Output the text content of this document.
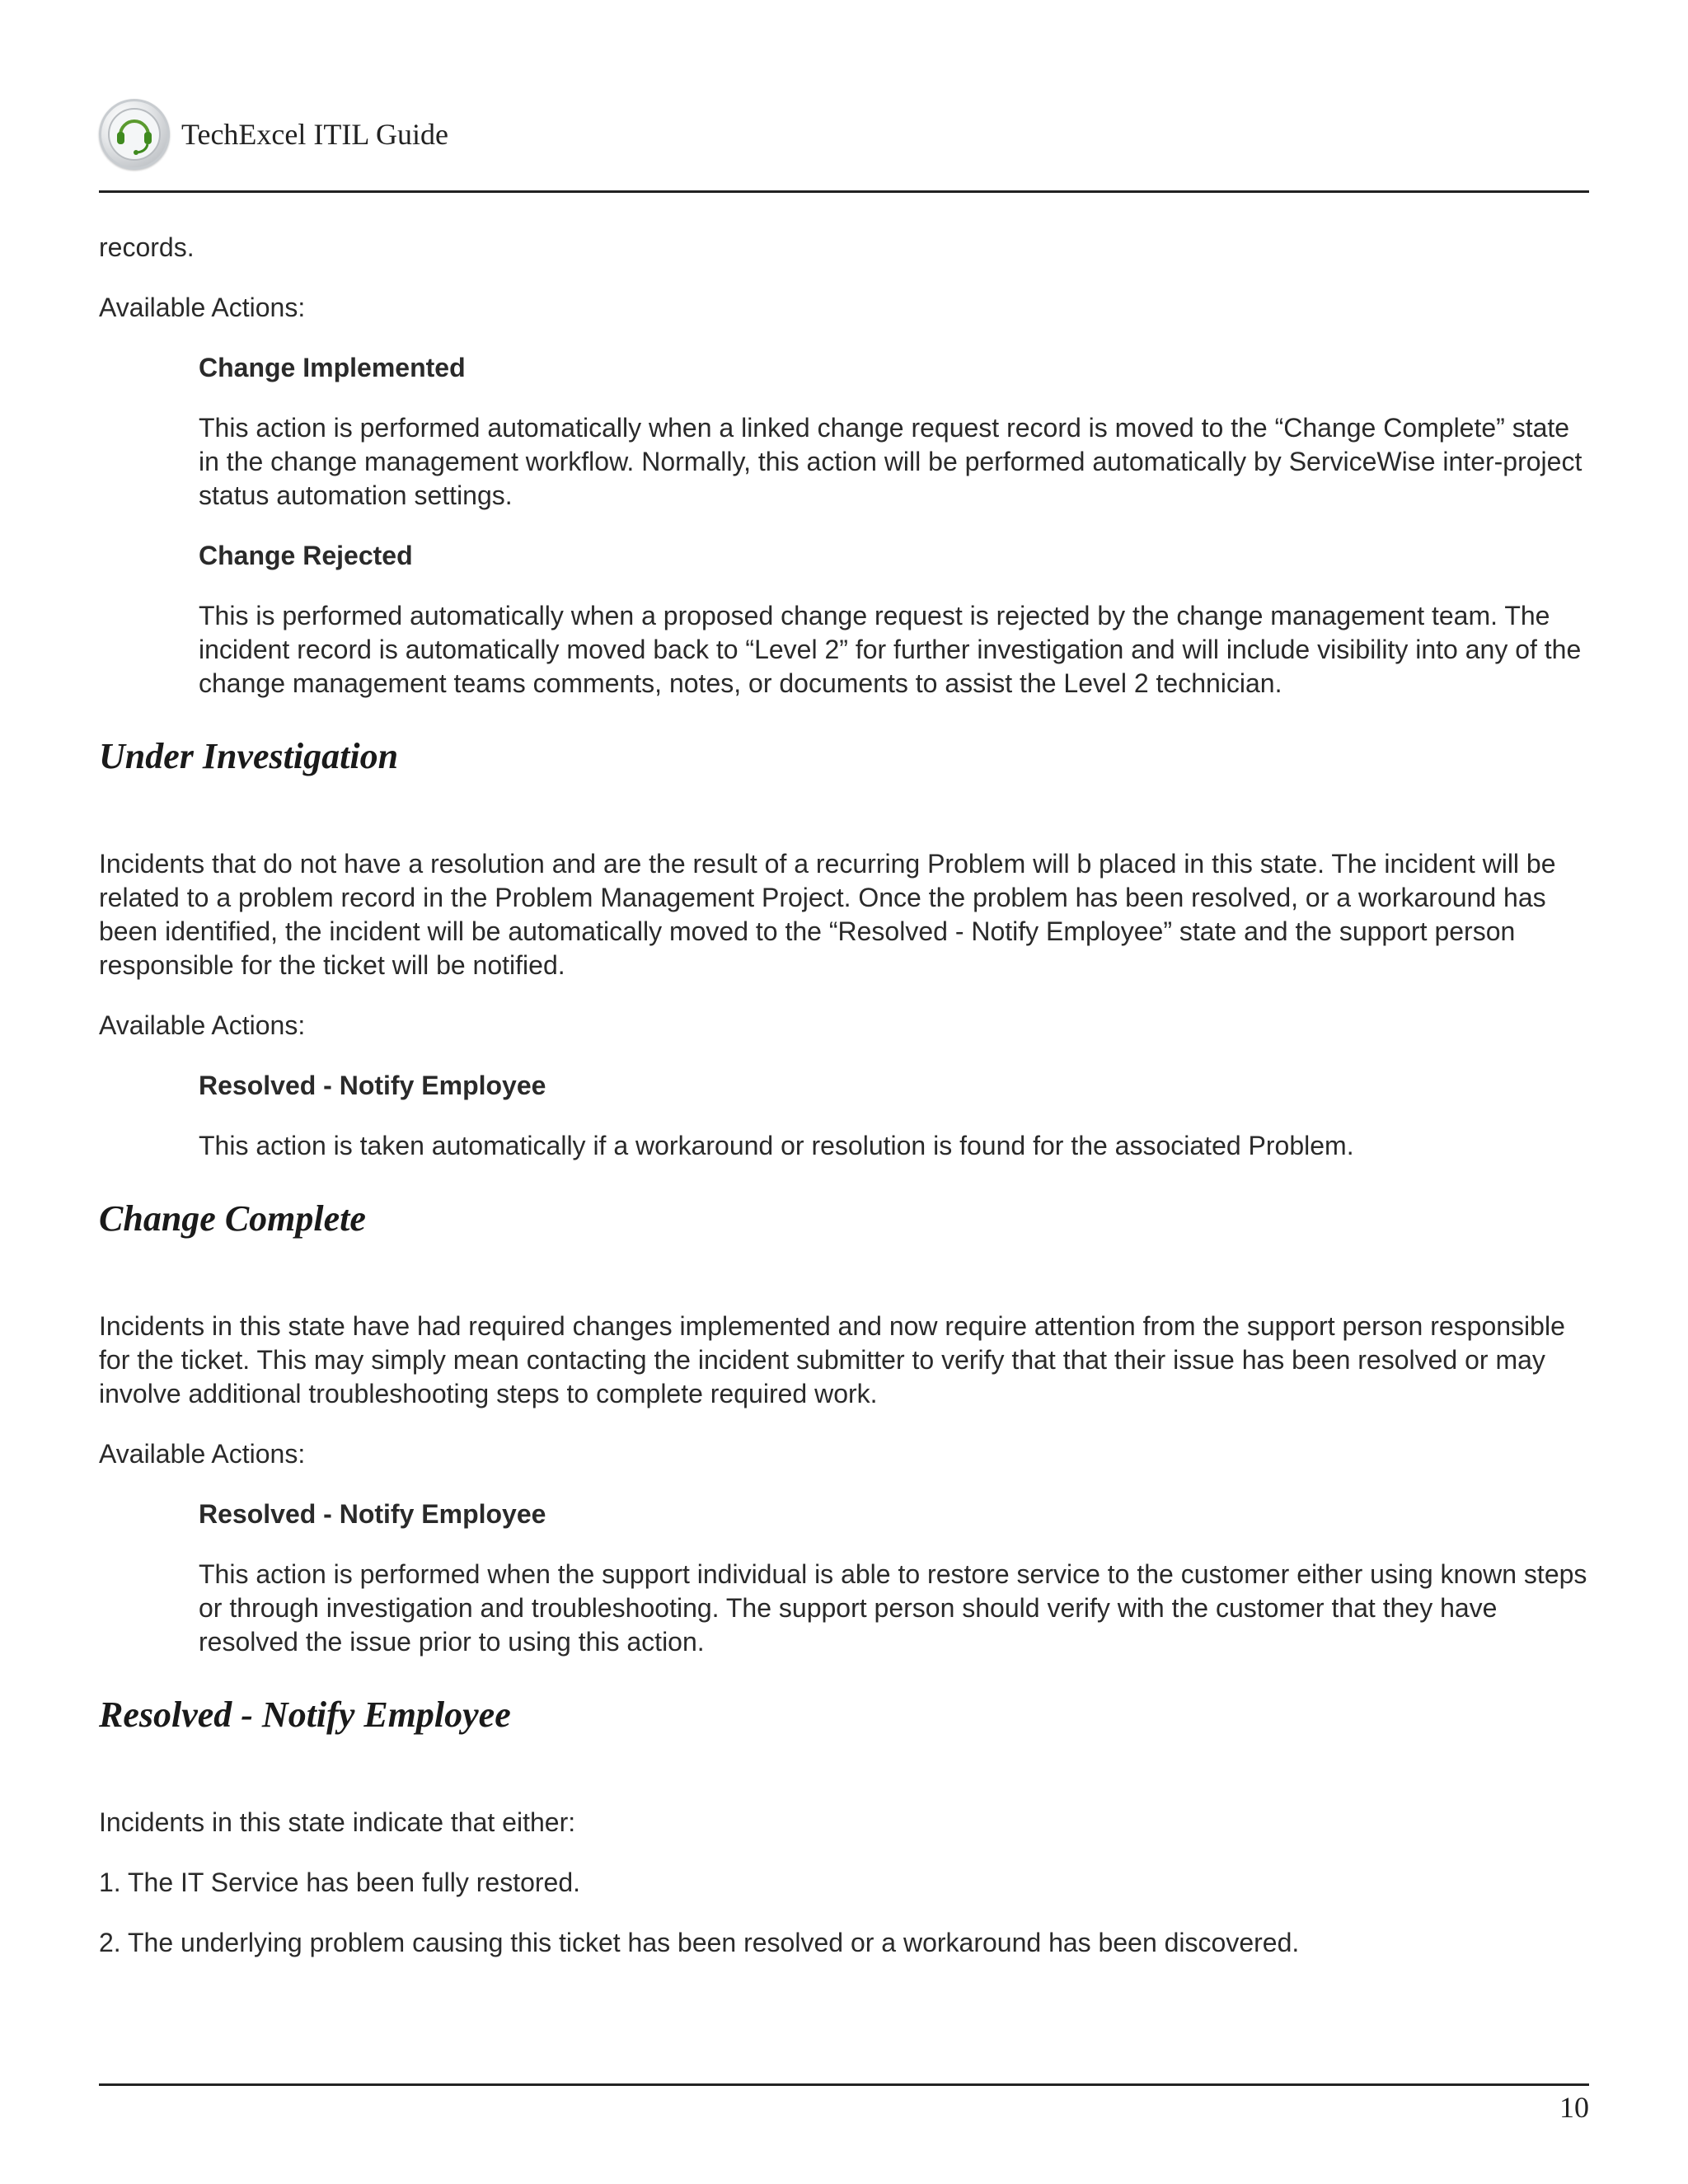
TechExcel ITIL Guide

records.

Available Actions:

Change Implemented

This action is performed automatically when a linked change request record is moved to the “Change Complete” state in the change management workflow. Normally, this action will be performed automatically by ServiceWise inter-project status automation settings.

Change Rejected

This is performed automatically when a proposed change request is rejected by the change management team. The incident record is automatically moved back to “Level 2” for further investigation and will include visibility into any of the change management teams comments, notes, or documents to assist the Level 2 technician.

Under Investigation

Incidents that do not have a resolution and are the result of a recurring Problem will b placed in this state. The incident will be related to a problem record in the Problem Management Project. Once the problem has been resolved, or a workaround has been identified, the incident will be automatically moved to the “Resolved - Notify Employee” state and the support person responsible for the ticket will be notified.

Available Actions:

Resolved - Notify Employee

This action is taken automatically if a workaround or resolution is found for the associated Problem.

Change Complete

Incidents in this state have had required changes implemented and now require attention from the support person responsible for the ticket. This may simply mean contacting the incident submitter to verify that that their issue has been resolved or may involve additional troubleshooting steps to complete required work.

Available Actions:

Resolved - Notify Employee

This action is performed when the support individual is able to restore service to the customer either using known steps or through investigation and troubleshooting. The support person should verify with the customer that they have resolved the issue prior to using this action.

Resolved - Notify Employee

Incidents in this state indicate that either:

1. The IT Service has been fully restored.

2. The underlying problem causing this ticket has been resolved or a workaround has been discovered.

10
